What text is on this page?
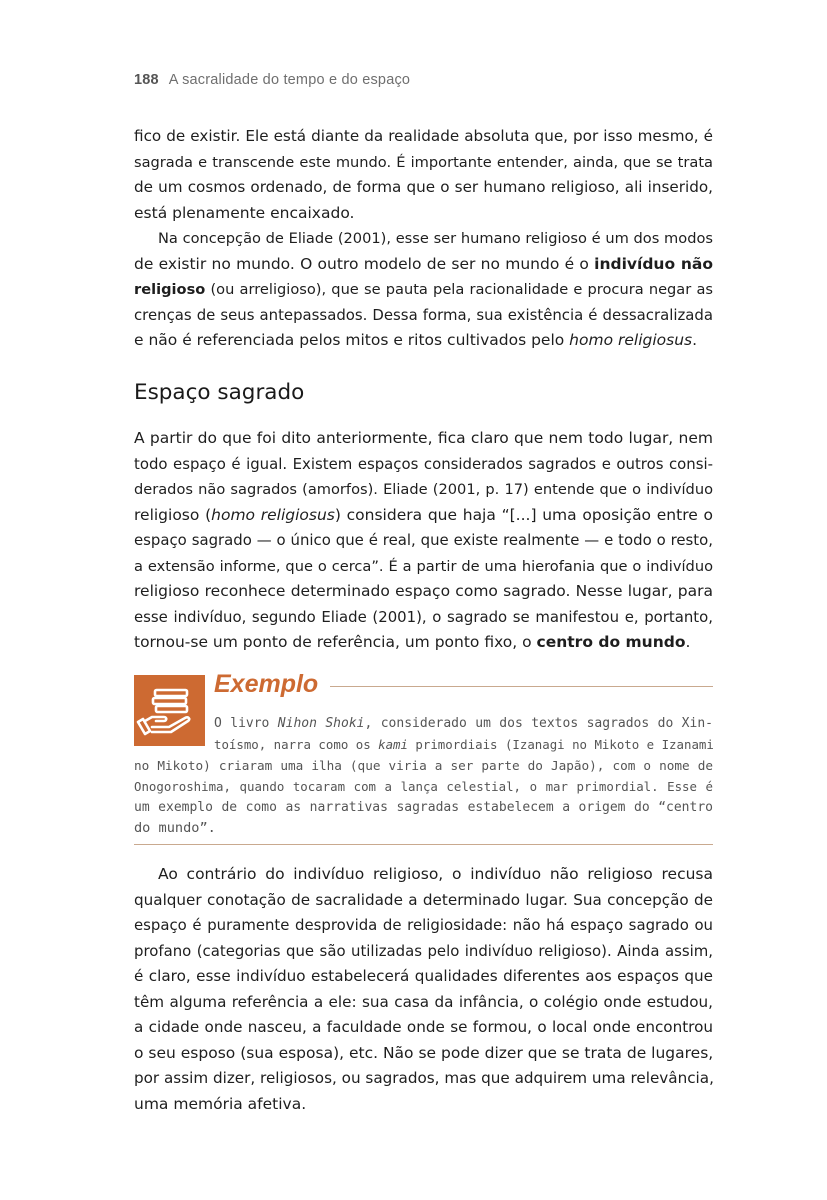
188 A sacralidade do tempo e do espaço
fico de existir. Ele está diante da realidade absoluta que, por isso mesmo, é
sagrada e transcende este mundo. É importante entender, ainda, que se trata
de um cosmos ordenado, de forma que o ser humano religioso, ali inserido,
está plenamente encaixado.
Na concepção de Eliade (2001), esse ser humano religioso é um dos modos
de existir no mundo. O outro modelo de ser no mundo é o indivíduo não
religioso (ou arreligioso), que se pauta pela racionalidade e procura negar as
crenças de seus antepassados. Dessa forma, sua existência é dessacralizada
e não é referenciada pelos mitos e ritos cultivados pelo homo religiosus.
Espaço sagrado
A partir do que foi dito anteriormente, fica claro que nem todo lugar, nem
todo espaço é igual. Existem espaços considerados sagrados e outros consi-
derados não sagrados (amorfos). Eliade (2001, p. 17) entende que o indivíduo
religioso (homo religiosus) considera que haja “[...] uma oposição entre o
espaço sagrado — o único que é real, que existe realmente — e todo o resto,
a extensão informe, que o cerca”. É a partir de uma hierofania que o indivíduo
religioso reconhece determinado espaço como sagrado. Nesse lugar, para
esse indivíduo, segundo Eliade (2001), o sagrado se manifestou e, portanto,
tornou-se um ponto de referência, um ponto fixo, o centro do mundo.
Exemplo
O livro Nihon Shoki, considerado um dos textos sagrados do Xin-
toísmo, narra como os kami primordiais (Izanagi no Mikoto e Izanami
no Mikoto) criaram uma ilha (que viria a ser parte do Japão), com o nome de
Onogoroshima, quando tocaram com a lança celestial, o mar primordial. Esse é
um exemplo de como as narrativas sagradas estabelecem a origem do “centro
do mundo”.
Ao contrário do indivíduo religioso, o indivíduo não religioso recusa
qualquer conotação de sacralidade a determinado lugar. Sua concepção de
espaço é puramente desprovida de religiosidade: não há espaço sagrado ou
profano (categorias que são utilizadas pelo indivíduo religioso). Ainda assim,
é claro, esse indivíduo estabelecerá qualidades diferentes aos espaços que
têm alguma referência a ele: sua casa da infância, o colégio onde estudou,
a cidade onde nasceu, a faculdade onde se formou, o local onde encontrou
o seu esposo (sua esposa), etc. Não se pode dizer que se trata de lugares,
por assim dizer, religiosos, ou sagrados, mas que adquirem uma relevância,
uma memória afetiva.
